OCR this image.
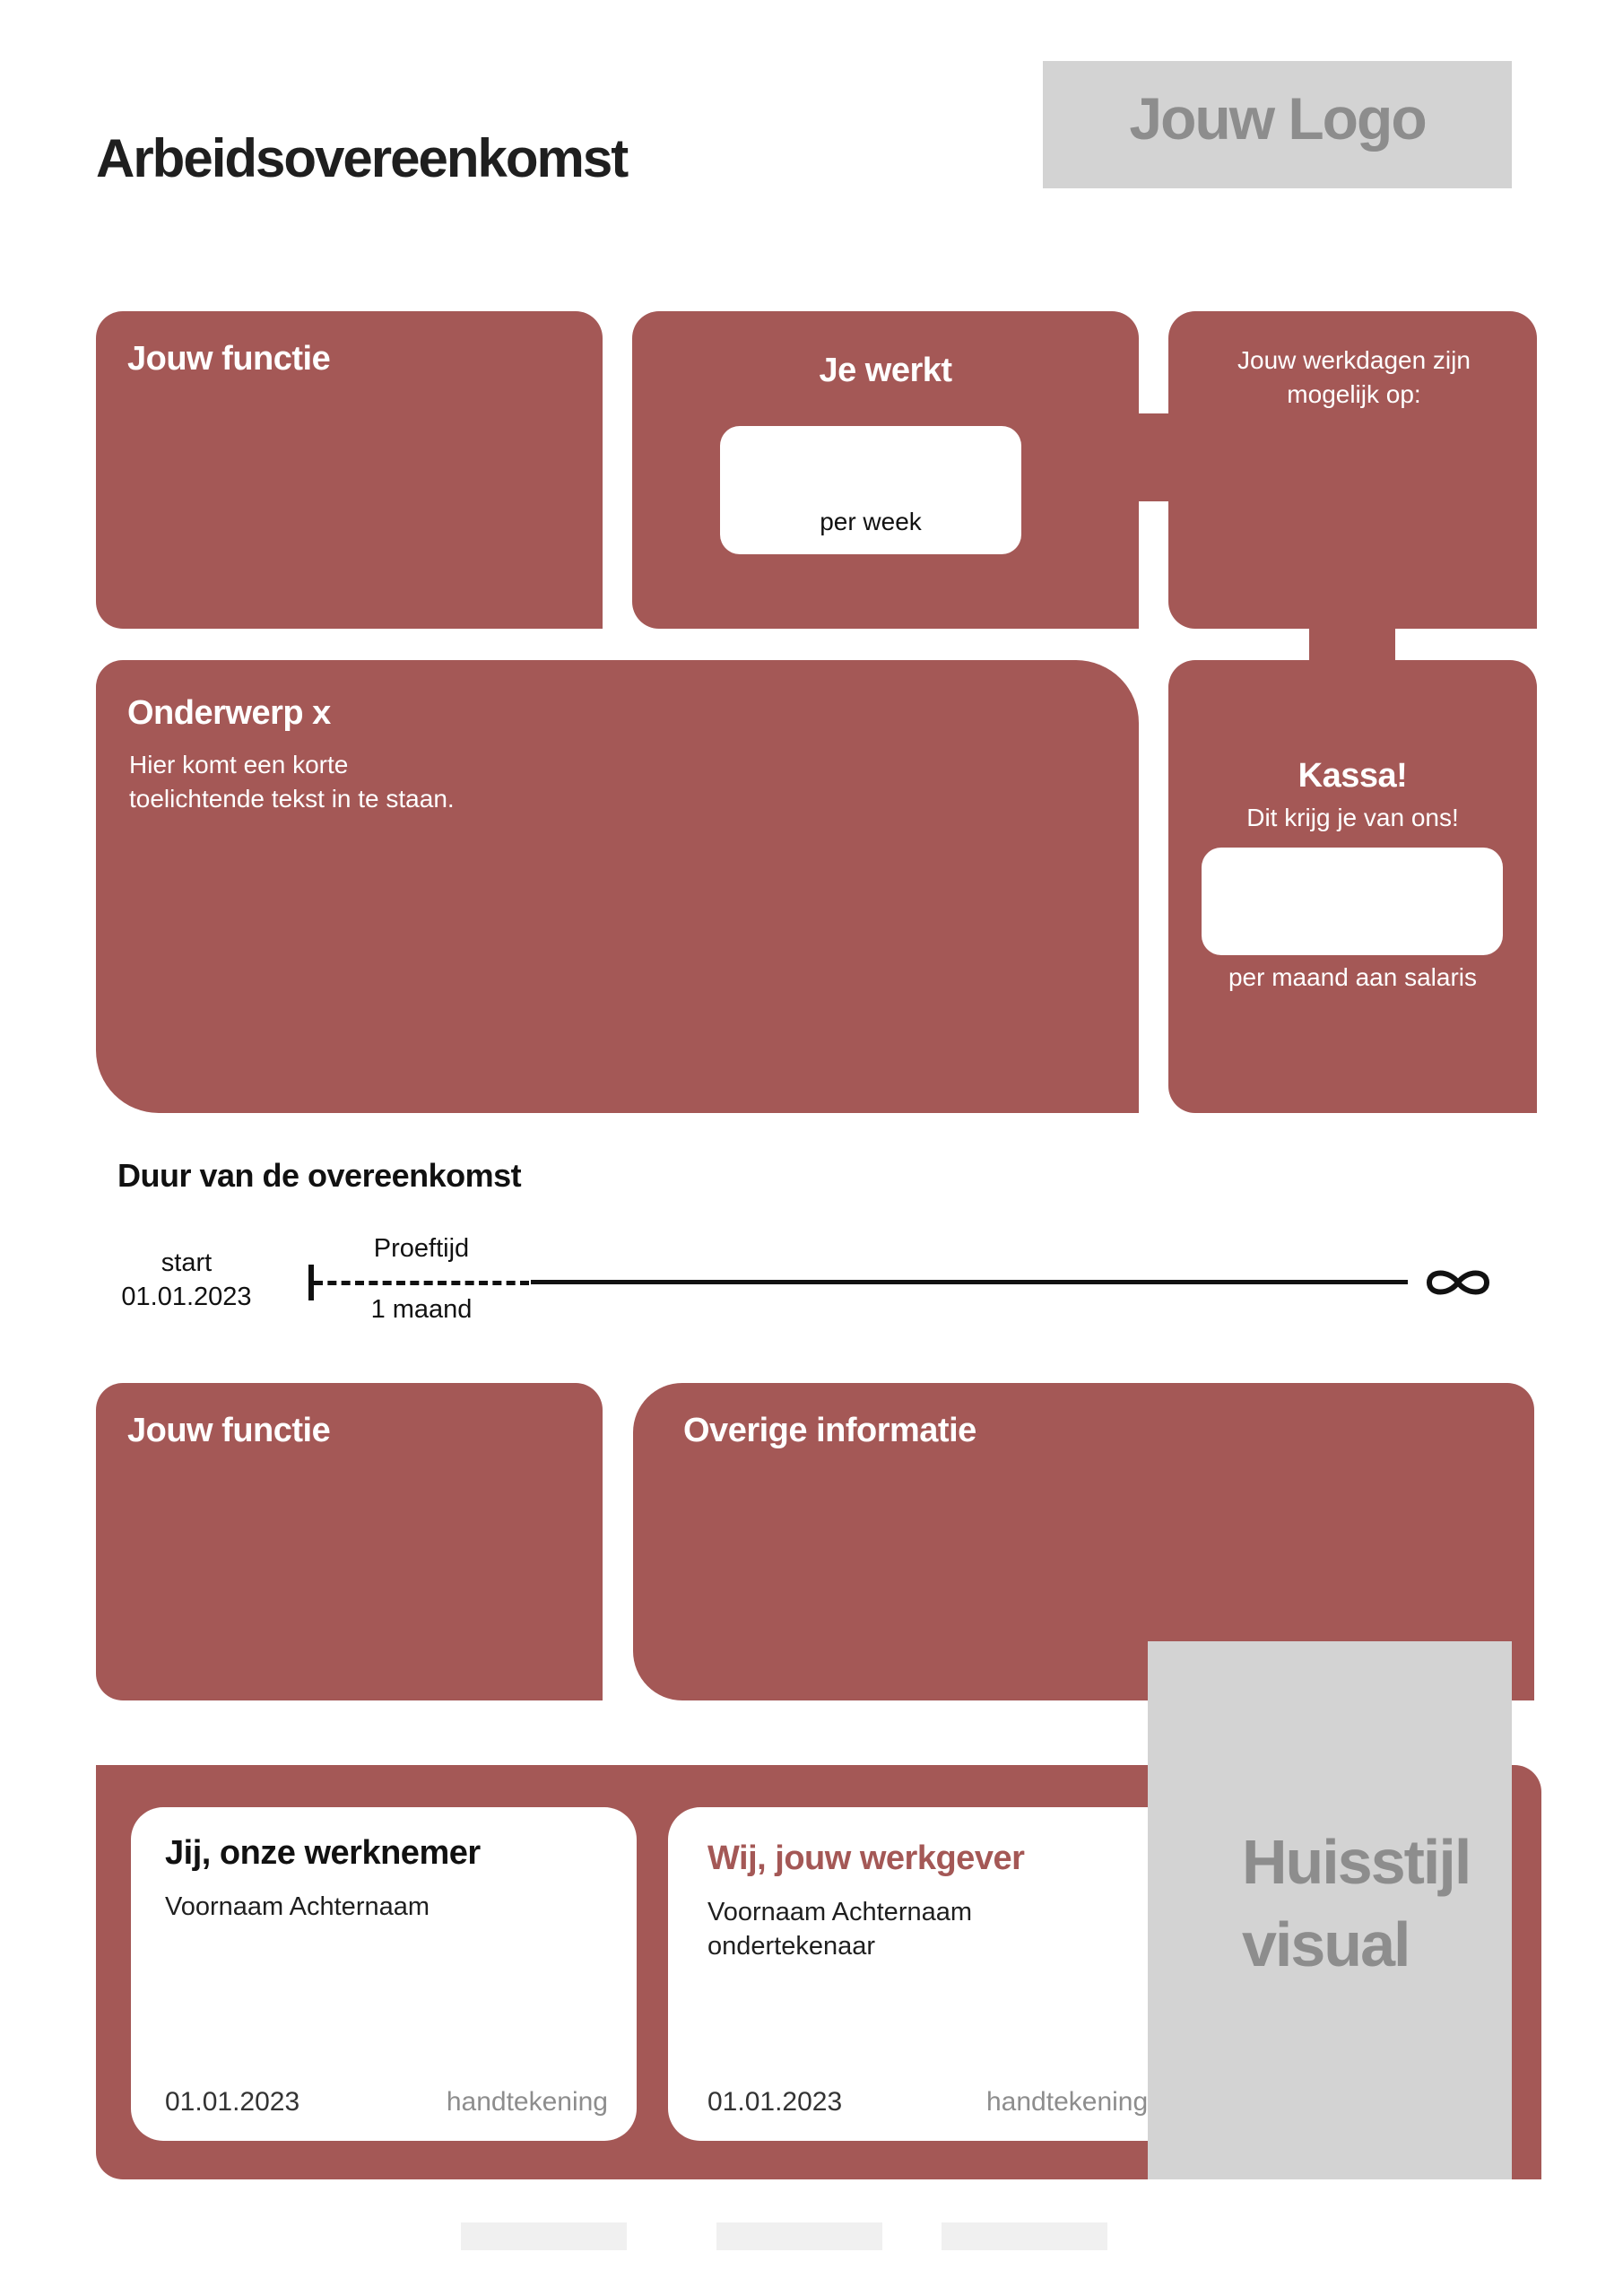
Arbeidsovereenkomst
Jouw Logo
Jouw functie	Je werkt
per week
Jouw werkdagen zijn mogelijk op:
Onderwerp x
Hier komt een korte toelichtende tekst in te staan.
Kassa!
Dit krijg je van ons!
per maand aan salaris
Duur van de overeenkomst
start
01.01.2023
Proeftijd
1 maand
Jouw functie	Overige informatie
Jij, onze werknemer
Voornaam Achternaam
01.01.2023	handtekening
Wij, jouw werkgever
Voornaam Achternaam
ondertekenaar
01.01.2023	handtekening
Huisstijl
visual
